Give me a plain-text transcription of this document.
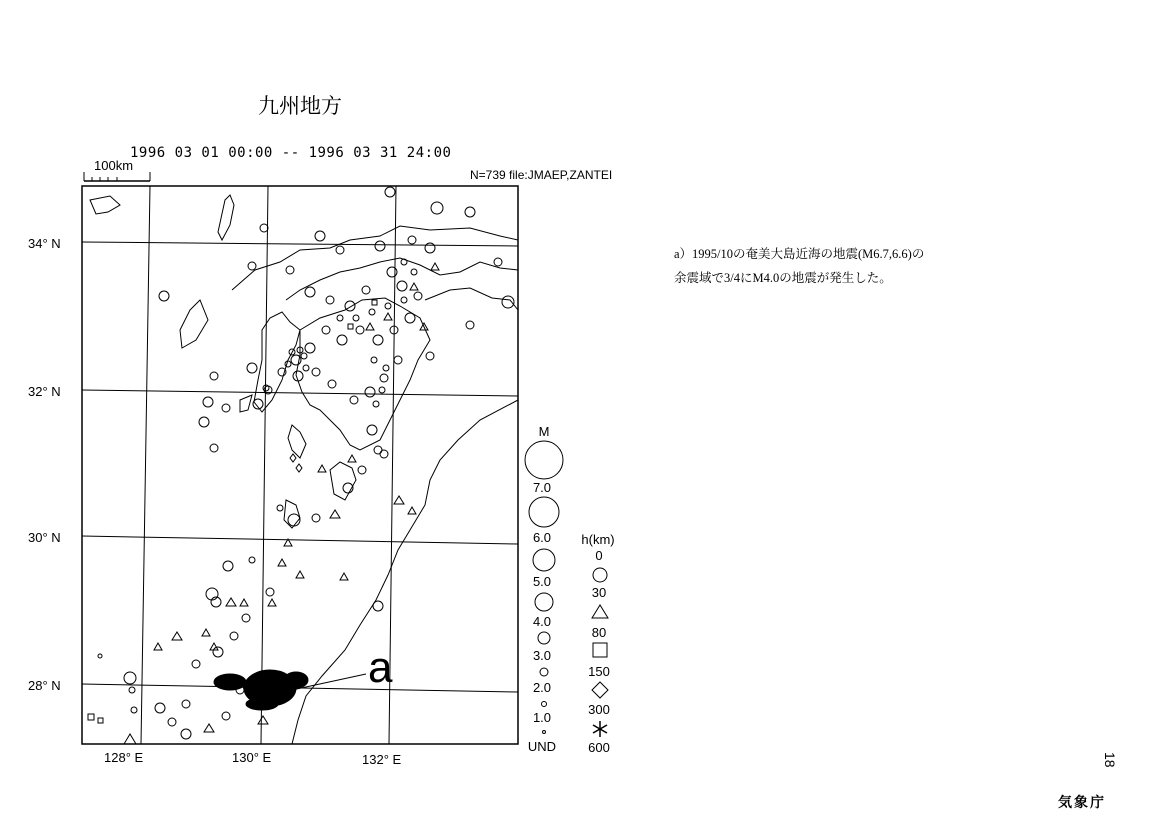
九州地方
1996 03 01 00:00 -- 1996 03 31 24:00
N=739 file:JMAEP,ZANTEI
100km
a
34° N
32° N
30° N
28° N
128° E	130° E	132° E
M
7.0
6.0
5.0
4.0
3.0
2.0
1.0
UND
h(km)
0
30
80
150
300
600
a）1995/10の奄美大島近海の地震(M6.7,6.6)の
余震域で3/4にM4.0の地震が発生した。
18
気象庁
